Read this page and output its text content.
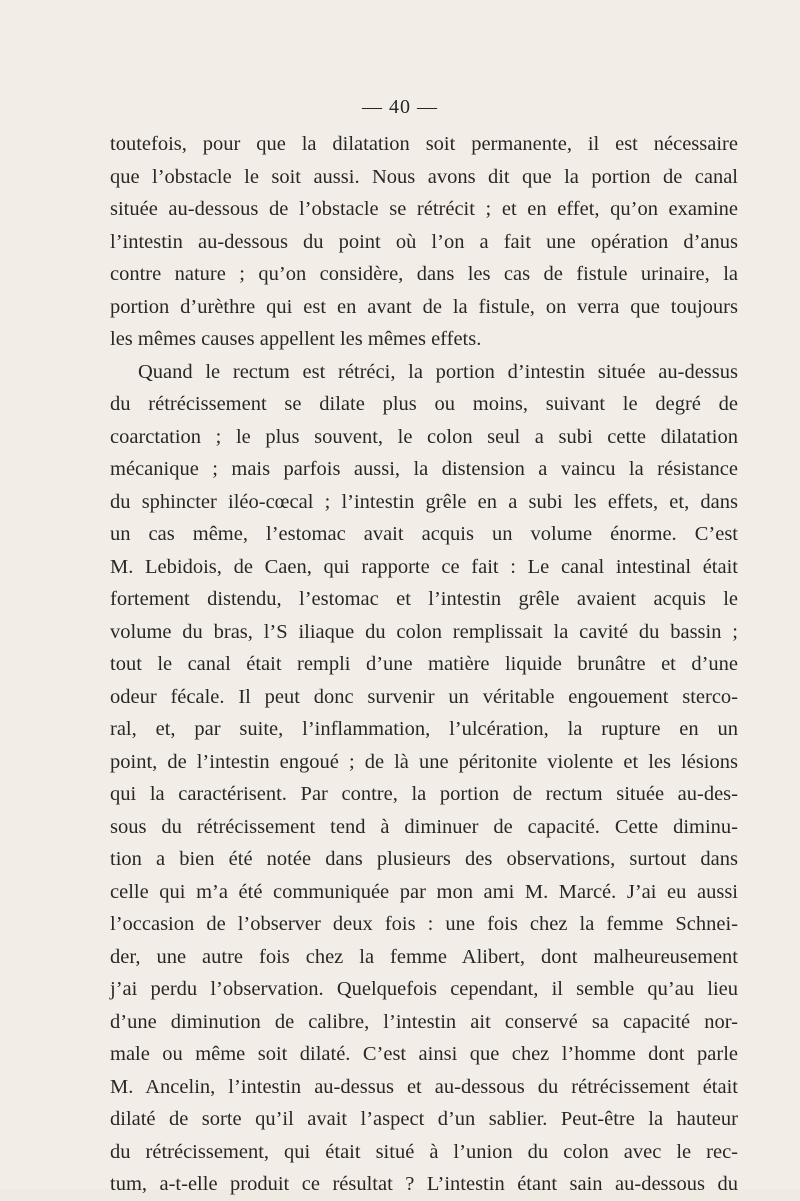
— 40 —
toutefois, pour que la dilatation soit permanente, il est nécessaire
que l’obstacle le soit aussi. Nous avons dit que la portion de canal
située au-dessous de l’obstacle se rétrécit ; et en effet, qu’on examine
l’intestin au-dessous du point où l’on a fait une opération d’anus
contre nature ; qu’on considère, dans les cas de fistule urinaire, la
portion d’urèthre qui est en avant de la fistule, on verra que toujours
les mêmes causes appellent les mêmes effets.
Quand le rectum est rétréci, la portion d’intestin située au-dessus
du rétrécissement se dilate plus ou moins, suivant le degré de
coarctation ; le plus souvent, le colon seul a subi cette dilatation
mécanique ; mais parfois aussi, la distension a vaincu la résistance
du sphincter iléo-cœcal ; l’intestin grêle en a subi les effets, et, dans
un cas même, l’estomac avait acquis un volume énorme. C’est
M. Lebidois, de Caen, qui rapporte ce fait : Le canal intestinal était
fortement distendu, l’estomac et l’intestin grêle avaient acquis le
volume du bras, l’S iliaque du colon remplissait la cavité du bassin ;
tout le canal était rempli d’une matière liquide brunâtre et d’une
odeur fécale. Il peut donc survenir un véritable engouement sterco-
ral, et, par suite, l’inflammation, l’ulcération, la rupture en un
point, de l’intestin engoué ; de là une péritonite violente et les lésions
qui la caractérisent. Par contre, la portion de rectum située au-des-
sous du rétrécissement tend à diminuer de capacité. Cette diminu-
tion a bien été notée dans plusieurs des observations, surtout dans
celle qui m’a été communiquée par mon ami M. Marcé. J’ai eu aussi
l’occasion de l’observer deux fois : une fois chez la femme Schnei-
der, une autre fois chez la femme Alibert, dont malheureusement
j’ai perdu l’observation. Quelquefois cependant, il semble qu’au lieu
d’une diminution de calibre, l’intestin ait conservé sa capacité nor-
male ou même soit dilaté. C’est ainsi que chez l’homme dont parle
M. Ancelin, l’intestin au-dessus et au-dessous du rétrécissement était
dilaté de sorte qu’il avait l’aspect d’un sablier. Peut-être la hauteur
du rétrécissement, qui était situé à l’union du colon avec le rec-
tum, a-t-elle produit ce résultat ? L’intestin étant sain au-dessous du
